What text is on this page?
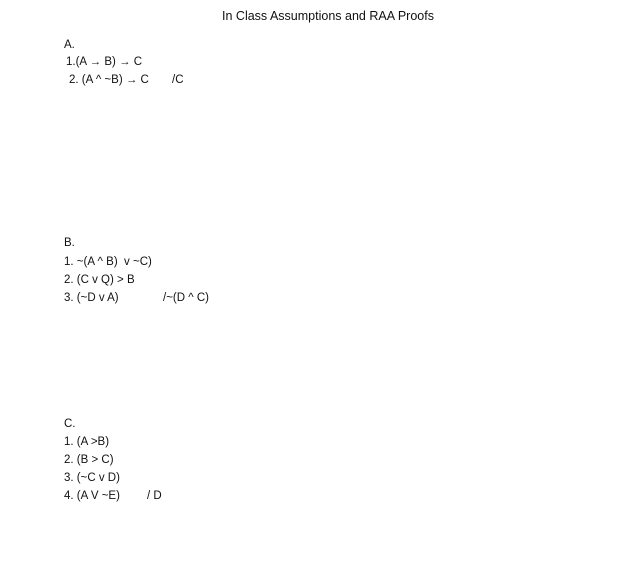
In Class Assumptions and RAA Proofs
A.
1.(A → B) → C
2. (A ^ ~B) → C /C
B.
1. ~(A ^ B)  v ~C)
2. (C v Q) > B
3. (~D v A)	/~(D ^ C)
C.
1. (A >B)
2. (B > C)
3. (~C v D)
4. (A V ~E) / D
